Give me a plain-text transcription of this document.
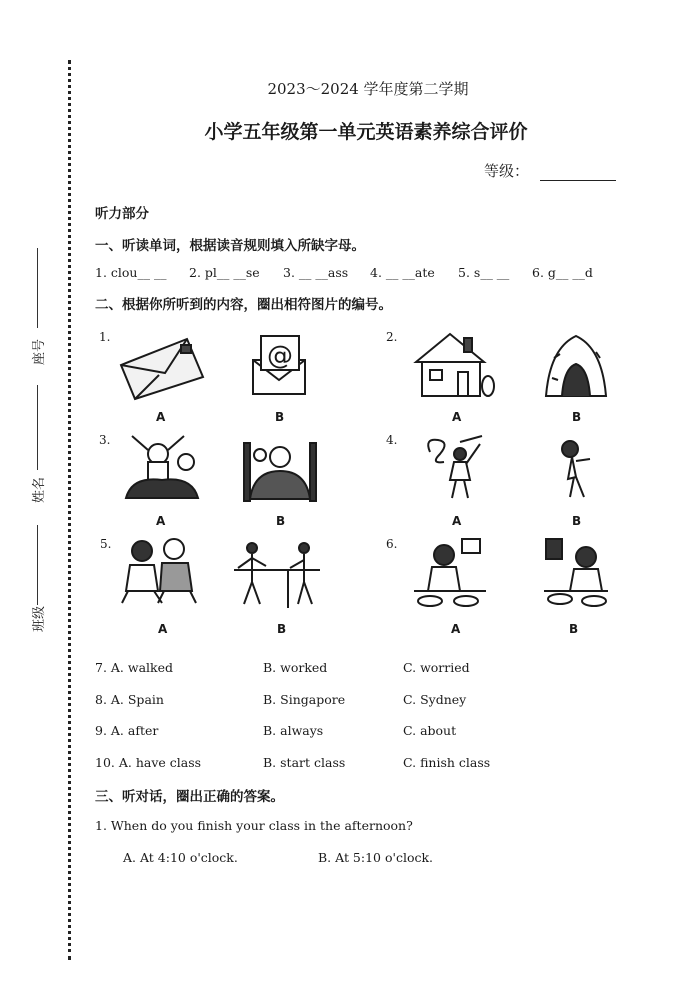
座号
姓名
班级
2023～2024 学年度第二学期
小学五年级第一单元英语素养综合评价
等级：
听力部分
一、听读单词，根据读音规则填入所缺字母。
1. clou__ __ 2. pl__ __se 3. __ __ass 4. __ __ate 5. s__ __ 6. g__ __d
二、根据你所听到的内容，圈出相符图片的编号。
1.	2.
@
A	B	A	B
3.	4.
A	B	A	B
5.	6.
A	B	A	B
7. A. walked	B. worked	C. worried
8. A. Spain	B. Singapore	C. Sydney
9. A. after	B. always	C. about
10. A. have class	B. start class	C. finish class
三、听对话，圈出正确的答案。
1. When do you finish your class in the afternoon?
A. At 4:10 o'clock.	B. At 5:10 o'clock.
